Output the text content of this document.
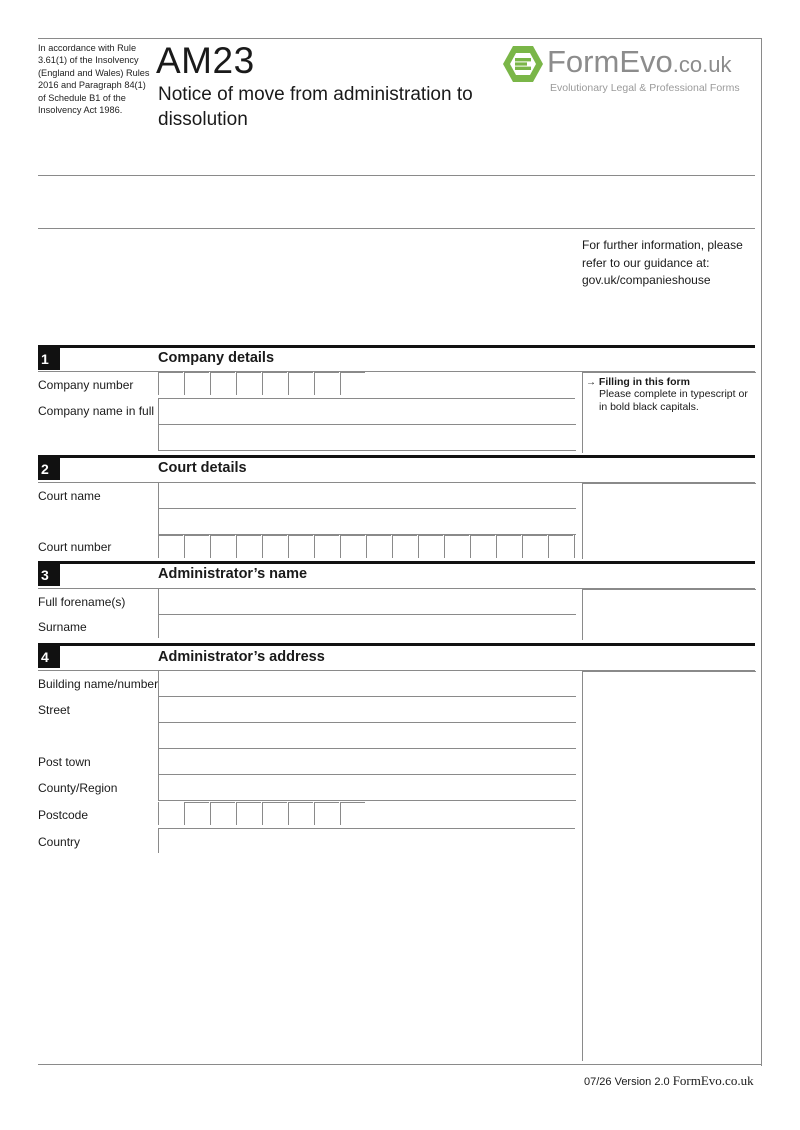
In accordance with Rule 3.61(1) of the Insolvency (England and Wales) Rules 2016 and Paragraph 84(1) of Schedule B1 of the Insolvency Act 1986.
AM23
Notice of move from administration to dissolution
FormEvo.co.uk
Evolutionary Legal & Professional Forms
For further information, please refer to our guidance at: gov.uk/companieshouse
1	Company details
Company number
Company name in full
→ Filling in this form
Please complete in typescript or in bold black capitals.
2	Court details
Court name
Court number
3	Administrator’s name
Full forename(s)
Surname
4	Administrator’s address
Building name/number
Street
Post town
County/Region
Postcode
Country
07/26 Version 2.0 FormEvo.co.uk
